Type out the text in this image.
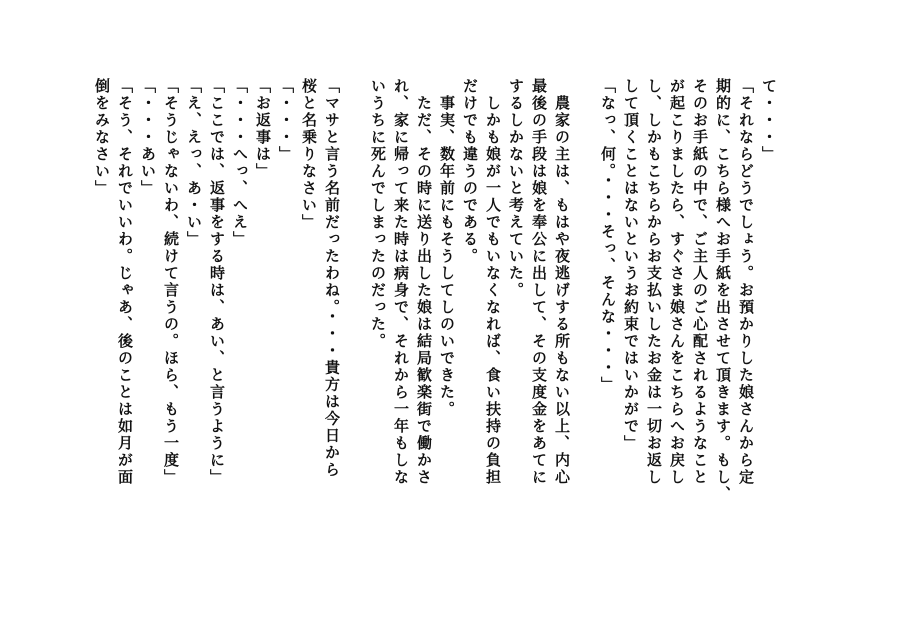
て・・・」
「それならどうでしょう。お預かりした娘さんから定
期的に、こちら様へお手紙を出させて頂きます。もし、
そのお手紙の中で、ご主人のご心配されるようなこと
が起こりましたら、すぐさま娘さんをこちらへお戻し
し、しかもこちらからお支払いしたお金は一切お返し
して頂くことはないというお約束ではいかがで」
「なっ、何。・・・そっ、そんな・・・」
　農家の主は、もはや夜逃げする所もない以上、内心
最後の手段は娘を奉公に出して、その支度金をあてに
するしかないと考えていた。
　しかも娘が一人でもいなくなれば、食い扶持の負担
だけでも違うのである。
　事実、数年前にもそうしてしのいできた。
　ただ、その時に送り出した娘は結局歓楽街で働かさ
れ、家に帰って来た時は病身で、それから一年もしな
いうちに死んでしまったのだった。
「マサと言う名前だったわね。・・・貴方は今日から
桜と名乗りなさい」
「・・・」
「お返事は」
「・・・へっ、へえ」
「ここでは、返事をする時は、あい、と言うように」
「え、えっ、あ・い」
「そうじゃないわ、続けて言うの。ほら、もう一度」
「・・・あい」
「そう、それでいいわ。じゃあ、後のことは如月が面
倒をみなさい」
